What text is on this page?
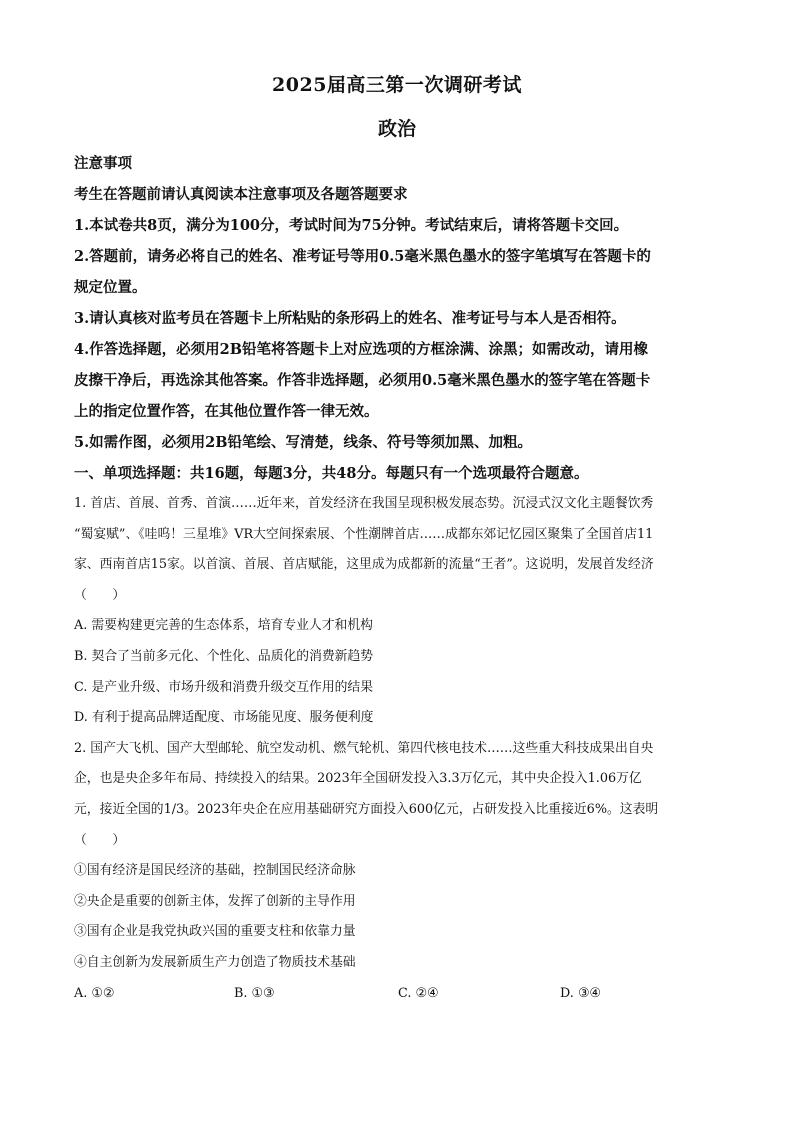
2025届高三第一次调研考试
政治
注意事项
考生在答题前请认真阅读本注意事项及各题答题要求
1.本试卷共8页，满分为100分，考试时间为75分钟。考试结束后，请将答题卡交回。
2.答题前，请务必将自己的姓名、准考证号等用0.5毫米黑色墨水的签字笔填写在答题卡的
规定位置。
3.请认真核对监考员在答题卡上所粘贴的条形码上的姓名、准考证号与本人是否相符。
4.作答选择题，必须用2B铅笔将答题卡上对应选项的方框涂满、涂黑；如需改动，请用橡
皮擦干净后，再选涂其他答案。作答非选择题，必须用0.5毫米黑色墨水的签字笔在答题卡
上的指定位置作答，在其他位置作答一律无效。
5.如需作图，必须用2B铅笔绘、写清楚，线条、符号等须加黑、加粗。
一、单项选择题：共16题，每题3分，共48分。每题只有一个选项最符合题意。
1. 首店、首展、首秀、首演……近年来，首发经济在我国呈现积极发展态势。沉浸式汉文化主题餐饮秀
“蜀宴赋”、《哇呜！三星堆》VR大空间探索展、个性潮牌首店……成都东郊记忆园区聚集了全国首店11
家、西南首店15家。以首演、首展、首店赋能，这里成为成都新的流量“王者”。这说明，发展首发经济
（　　）
A. 需要构建更完善的生态体系，培育专业人才和机构
B. 契合了当前多元化、个性化、品质化的消费新趋势
C. 是产业升级、市场升级和消费升级交互作用的结果
D. 有利于提高品牌适配度、市场能见度、服务便利度
2. 国产大飞机、国产大型邮轮、航空发动机、燃气轮机、第四代核电技术……这些重大科技成果出自央
企，也是央企多年布局、持续投入的结果。2023年全国研发投入3.3万亿元，其中央企投入1.06万亿
元，接近全国的1/3。2023年央企在应用基础研究方面投入600亿元，占研发投入比重接近6%。这表明
（　　）
①国有经济是国民经济的基础，控制国民经济命脉
②央企是重要的创新主体，发挥了创新的主导作用
③国有企业是我党执政兴国的重要支柱和依靠力量
④自主创新为发展新质生产力创造了物质技术基础
A. ①②	B. ①③	C. ②④	D. ③④
